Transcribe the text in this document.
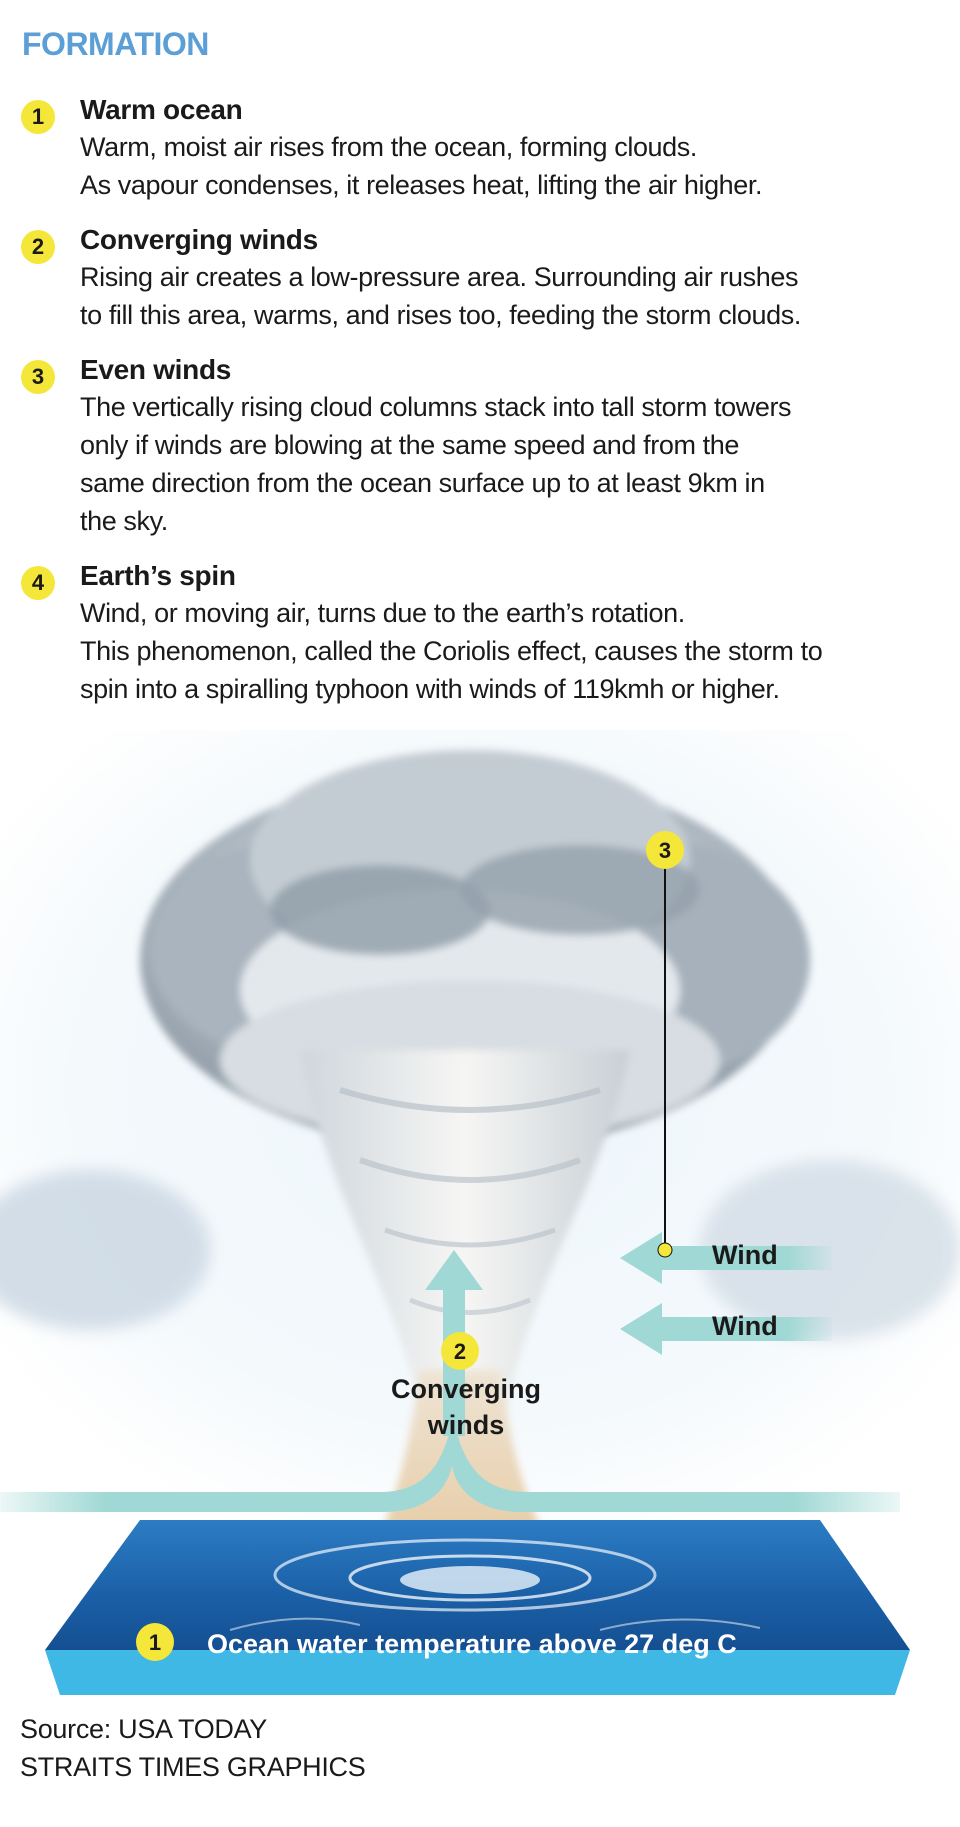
FORMATION
1	Warm ocean
Warm, moist air rises from the ocean, forming clouds.
As vapour condenses, it releases heat, lifting the air higher.
2	Converging winds
Rising air creates a low-pressure area. Surrounding air rushes
to fill this area, warms, and rises too, feeding the storm clouds.
3	Even winds
The vertically rising cloud columns stack into tall storm towers
only if winds are blowing at the same speed and from the
same direction from the ocean surface up to at least 9km in
the sky.
4	Earth’s spin
Wind, or moving air, turns due to the earth’s rotation.
This phenomenon, called the Coriolis effect, causes the storm to
spin into a spiralling typhoon with winds of 119kmh or higher.
3
Wind
Wind
2
Converging
winds
1 Ocean water temperature above 27 deg C
Source: USA TODAY
STRAITS TIMES GRAPHICS
